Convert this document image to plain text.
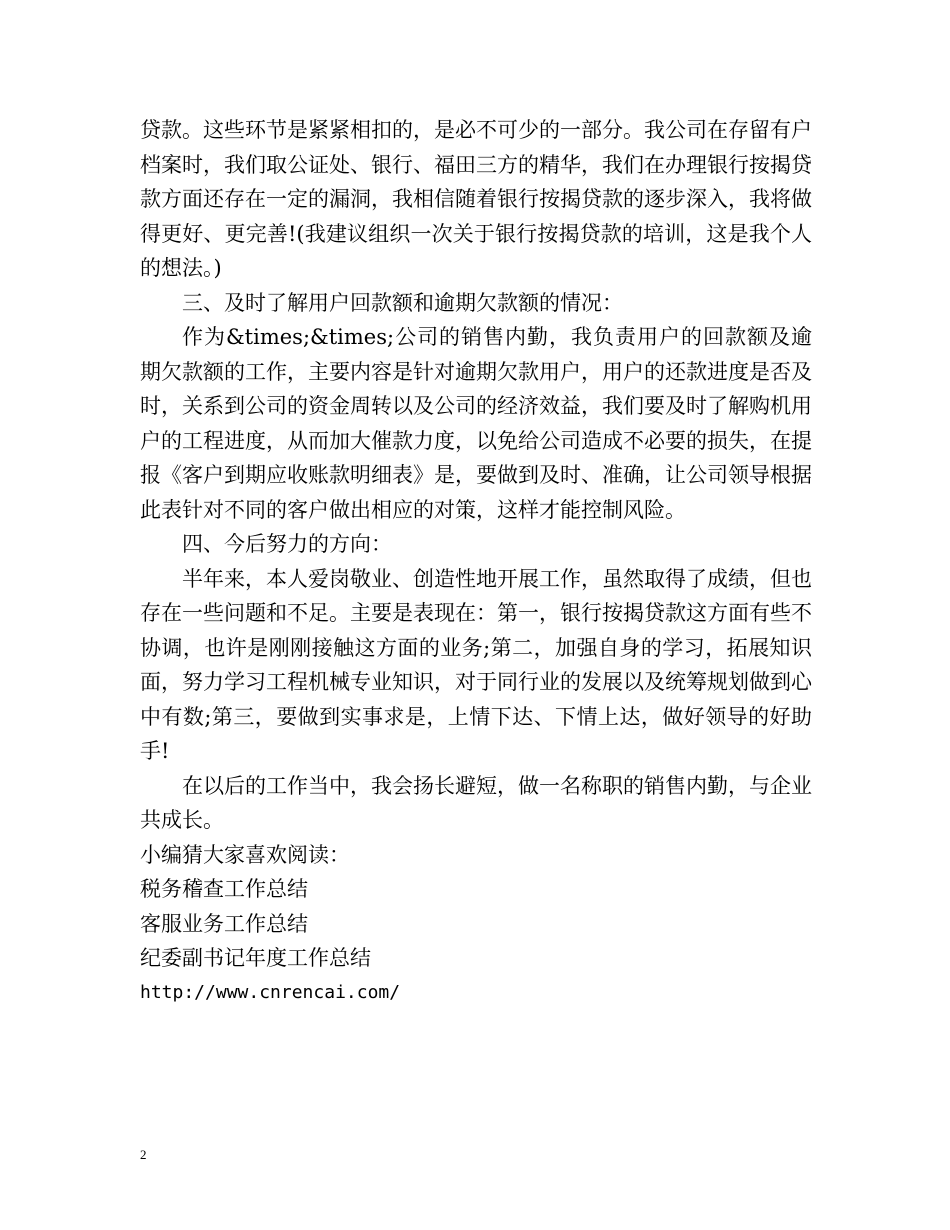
贷款。这些环节是紧紧相扣的，是必不可少的一部分。我公司在存留有户档案时，我们取公证处、银行、福田三方的精华，我们在办理银行按揭贷款方面还存在一定的漏洞，我相信随着银行按揭贷款的逐步深入，我将做得更好、更完善!(我建议组织一次关于银行按揭贷款的培训，这是我个人的想法。)

三、及时了解用户回款额和逾期欠款额的情况：

作为&times;&times;公司的销售内勤，我负责用户的回款额及逾期欠款额的工作，主要内容是针对逾期欠款用户，用户的还款进度是否及时，关系到公司的资金周转以及公司的经济效益，我们要及时了解购机用户的工程进度，从而加大催款力度，以免给公司造成不必要的损失，在提报《客户到期应收账款明细表》是，要做到及时、准确，让公司领导根据此表针对不同的客户做出相应的对策，这样才能控制风险。

四、今后努力的方向：

半年来，本人爱岗敬业、创造性地开展工作，虽然取得了成绩，但也存在一些问题和不足。主要是表现在：第一，银行按揭贷款这方面有些不协调，也许是刚刚接触这方面的业务;第二，加强自身的学习，拓展知识面，努力学习工程机械专业知识，对于同行业的发展以及统筹规划做到心中有数;第三，要做到实事求是，上情下达、下情上达，做好领导的好助手!

在以后的工作当中，我会扬长避短，做一名称职的销售内勤，与企业共成长。

小编猜大家喜欢阅读：

税务稽查工作总结
客服业务工作总结
纪委副书记年度工作总结

http://www.cnrencai.com/

2
